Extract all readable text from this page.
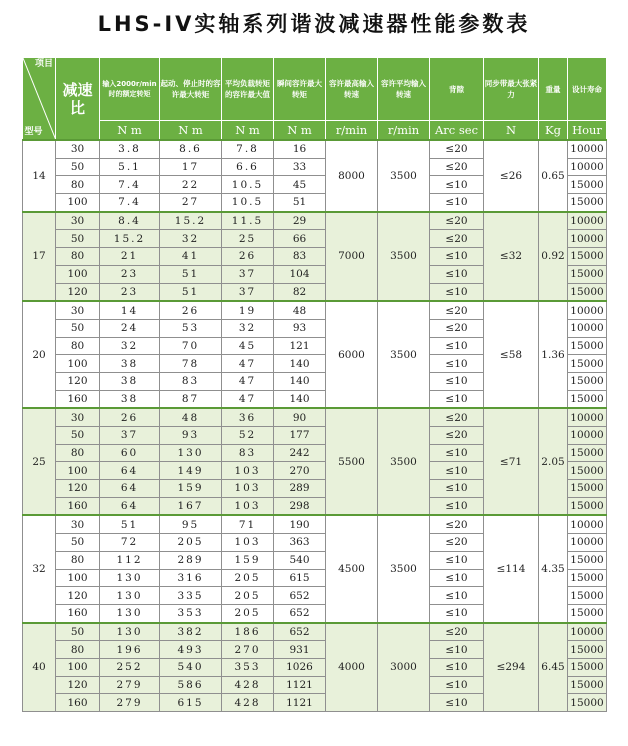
LHS-IV实轴系列谐波减速器性能参数表
项目
型号	减速比	输入2000r/min时的额定转矩	起动、停止时的容许最大转矩	平均负载转矩的容许最大值	瞬间容许最大转矩	容许最高输入转速	容许平均输入转速	背隙	同步带最大张紧力	重量	设计寿命
		N m	N m	N m	N m	r/min	r/min	Arc sec	N	Kg	Hour
14	30	3.8	8.6	7.8	16	8000	3500	≤20	≤26	0.65	10000
	50	5.1	17	6.6	33			≤20			10000
	80	7.4	22	10.5	45			≤10			15000
	100	7.4	27	10.5	51			≤10			15000
17	30	8.4	15.2	11.5	29	7000	3500	≤20	≤32	0.92	10000
	50	15.2	32	25	66			≤20			10000
	80	21	41	26	83			≤10			15000
	100	23	51	37	104			≤10			15000
	120	23	51	37	82			≤10			15000
20	30	14	26	19	48	6000	3500	≤20	≤58	1.36	10000
	50	24	53	32	93			≤20			10000
	80	32	70	45	121			≤10			15000
	100	38	78	47	140			≤10			15000
	120	38	83	47	140			≤10			15000
	160	38	87	47	140			≤10			15000
25	30	26	48	36	90	5500	3500	≤20	≤71	2.05	10000
	50	37	93	52	177			≤20			10000
	80	60	130	83	242			≤10			15000
	100	64	149	103	270			≤10			15000
	120	64	159	103	289			≤10			15000
	160	64	167	103	298			≤10			15000
32	30	51	95	71	190	4500	3500	≤20	≤114	4.35	10000
	50	72	205	103	363			≤20			10000
	80	112	289	159	540			≤10			15000
	100	130	316	205	615			≤10			15000
	120	130	335	205	652			≤10			15000
	160	130	353	205	652			≤10			15000
40	50	130	382	186	652	4000	3000	≤20	≤294	6.45	10000
	80	196	493	270	931			≤10			15000
	100	252	540	353	1026			≤10			15000
	120	279	586	428	1121			≤10			15000
	160	279	615	428	1121			≤10			15000
